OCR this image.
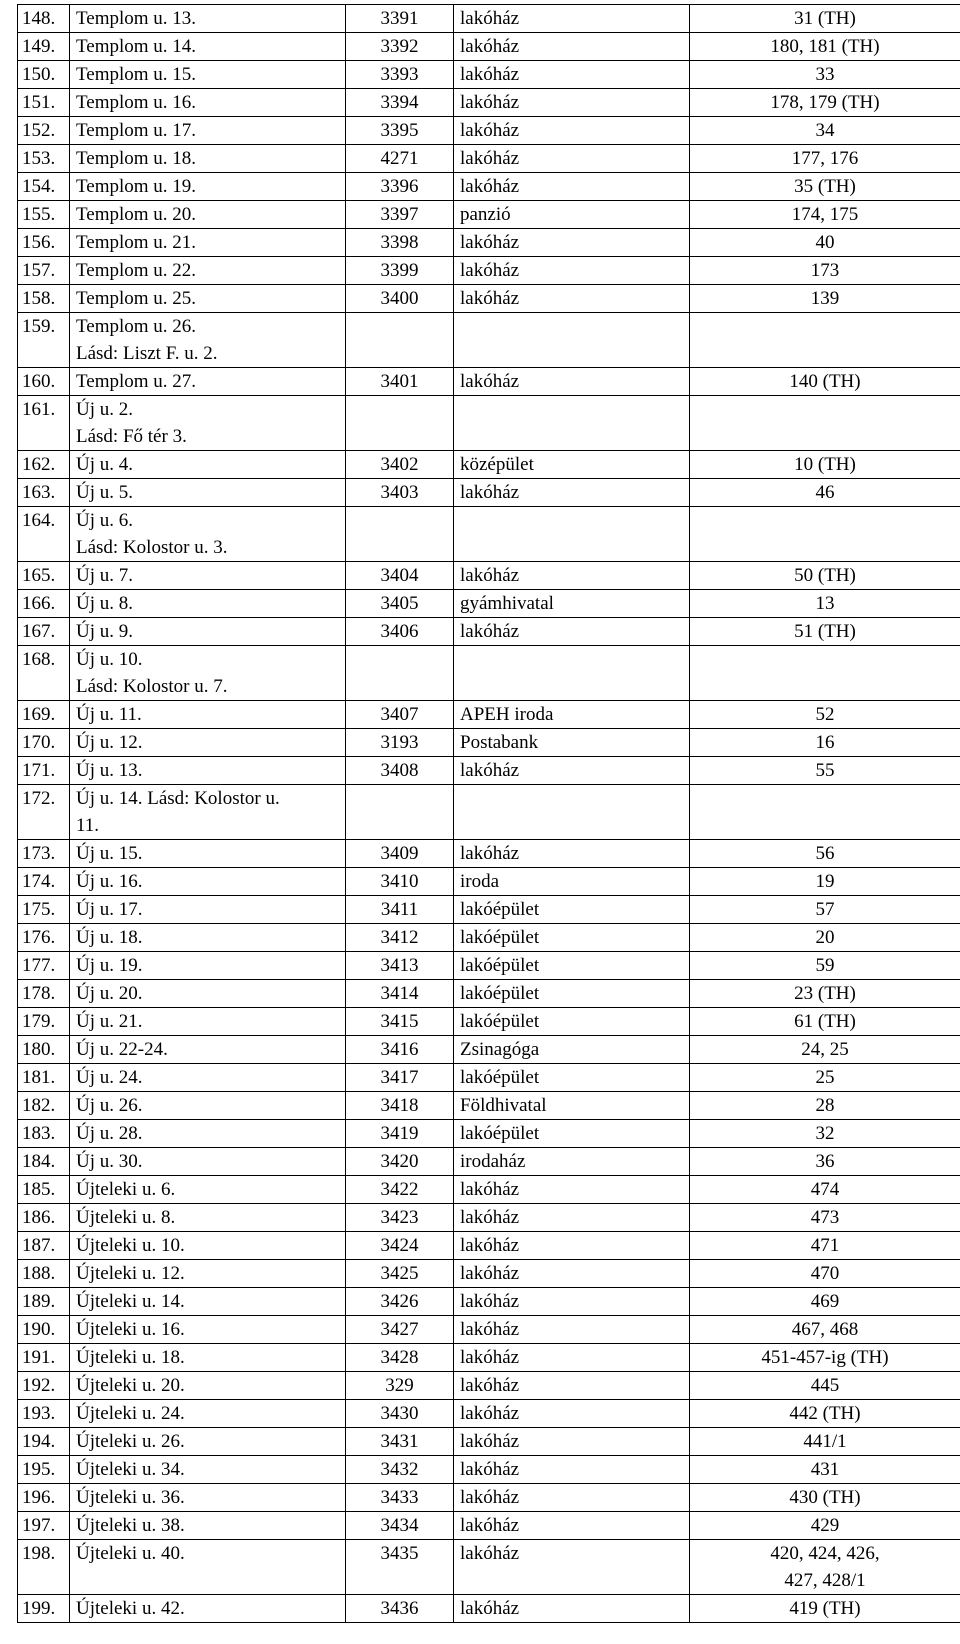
148.	Templom u. 13.	3391	lakóház	31 (TH)
149.	Templom u. 14.	3392	lakóház	180, 181 (TH)
150.	Templom u. 15.	3393	lakóház	33
151.	Templom u. 16.	3394	lakóház	178, 179 (TH)
152.	Templom u. 17.	3395	lakóház	34
153.	Templom u. 18.	4271	lakóház	177, 176
154.	Templom u. 19.	3396	lakóház	35 (TH)
155.	Templom u. 20.	3397	panzió	174, 175
156.	Templom u. 21.	3398	lakóház	40
157.	Templom u. 22.	3399	lakóház	173
158.	Templom u. 25.	3400	lakóház	139
159.	Templom u. 26.
Lásd: Liszt F. u. 2.			

160.	Templom u. 27.	3401	lakóház	140 (TH)
161.	Új u. 2.
Lásd: Fő tér 3.			

162.	Új u. 4.	3402	középület	10 (TH)
163.	Új u. 5.	3403	lakóház	46
164.	Új u. 6.
Lásd: Kolostor u. 3.			

165.	Új u. 7.	3404	lakóház	50 (TH)
166.	Új u. 8.	3405	gyámhivatal	13
167.	Új u. 9.	3406	lakóház	51 (TH)
168.	Új u. 10.
Lásd: Kolostor u. 7.			

169.	Új u. 11.	3407	APEH iroda	52
170.	Új u. 12.	3193	Postabank	16
171.	Új u. 13.	3408	lakóház	55
172.	Új u. 14. Lásd: Kolostor u.
11.			

173.	Új u. 15.	3409	lakóház	56
174.	Új u. 16.	3410	iroda	19
175.	Új u. 17.	3411	lakóépület	57
176.	Új u. 18.	3412	lakóépület	20
177.	Új u. 19.	3413	lakóépület	59
178.	Új u. 20.	3414	lakóépület	23 (TH)
179.	Új u. 21.	3415	lakóépület	61 (TH)
180.	Új u. 22-24.	3416	Zsinagóga	24, 25
181.	Új u. 24.	3417	lakóépület	25
182.	Új u. 26.	3418	Földhivatal	28
183.	Új u. 28.	3419	lakóépület	32
184.	Új u. 30.	3420	irodaház	36
185.	Újteleki u. 6.	3422	lakóház	474
186.	Újteleki u. 8.	3423	lakóház	473
187.	Újteleki u. 10.	3424	lakóház	471
188.	Újteleki u. 12.	3425	lakóház	470
189.	Újteleki u. 14.	3426	lakóház	469
190.	Újteleki u. 16.	3427	lakóház	467, 468
191.	Újteleki u. 18.	3428	lakóház	451-457-ig (TH)
192.	Újteleki u. 20.	329	lakóház	445
193.	Újteleki u. 24.	3430	lakóház	442 (TH)
194.	Újteleki u. 26.	3431	lakóház	441/1
195.	Újteleki u. 34.	3432	lakóház	431
196.	Újteleki u. 36.	3433	lakóház	430 (TH)
197.	Újteleki u. 38.	3434	lakóház	429
198.	Újteleki u. 40.	3435	lakóház	420, 424, 426,
427, 428/1

199.	Újteleki u. 42.	3436	lakóház	419 (TH)
